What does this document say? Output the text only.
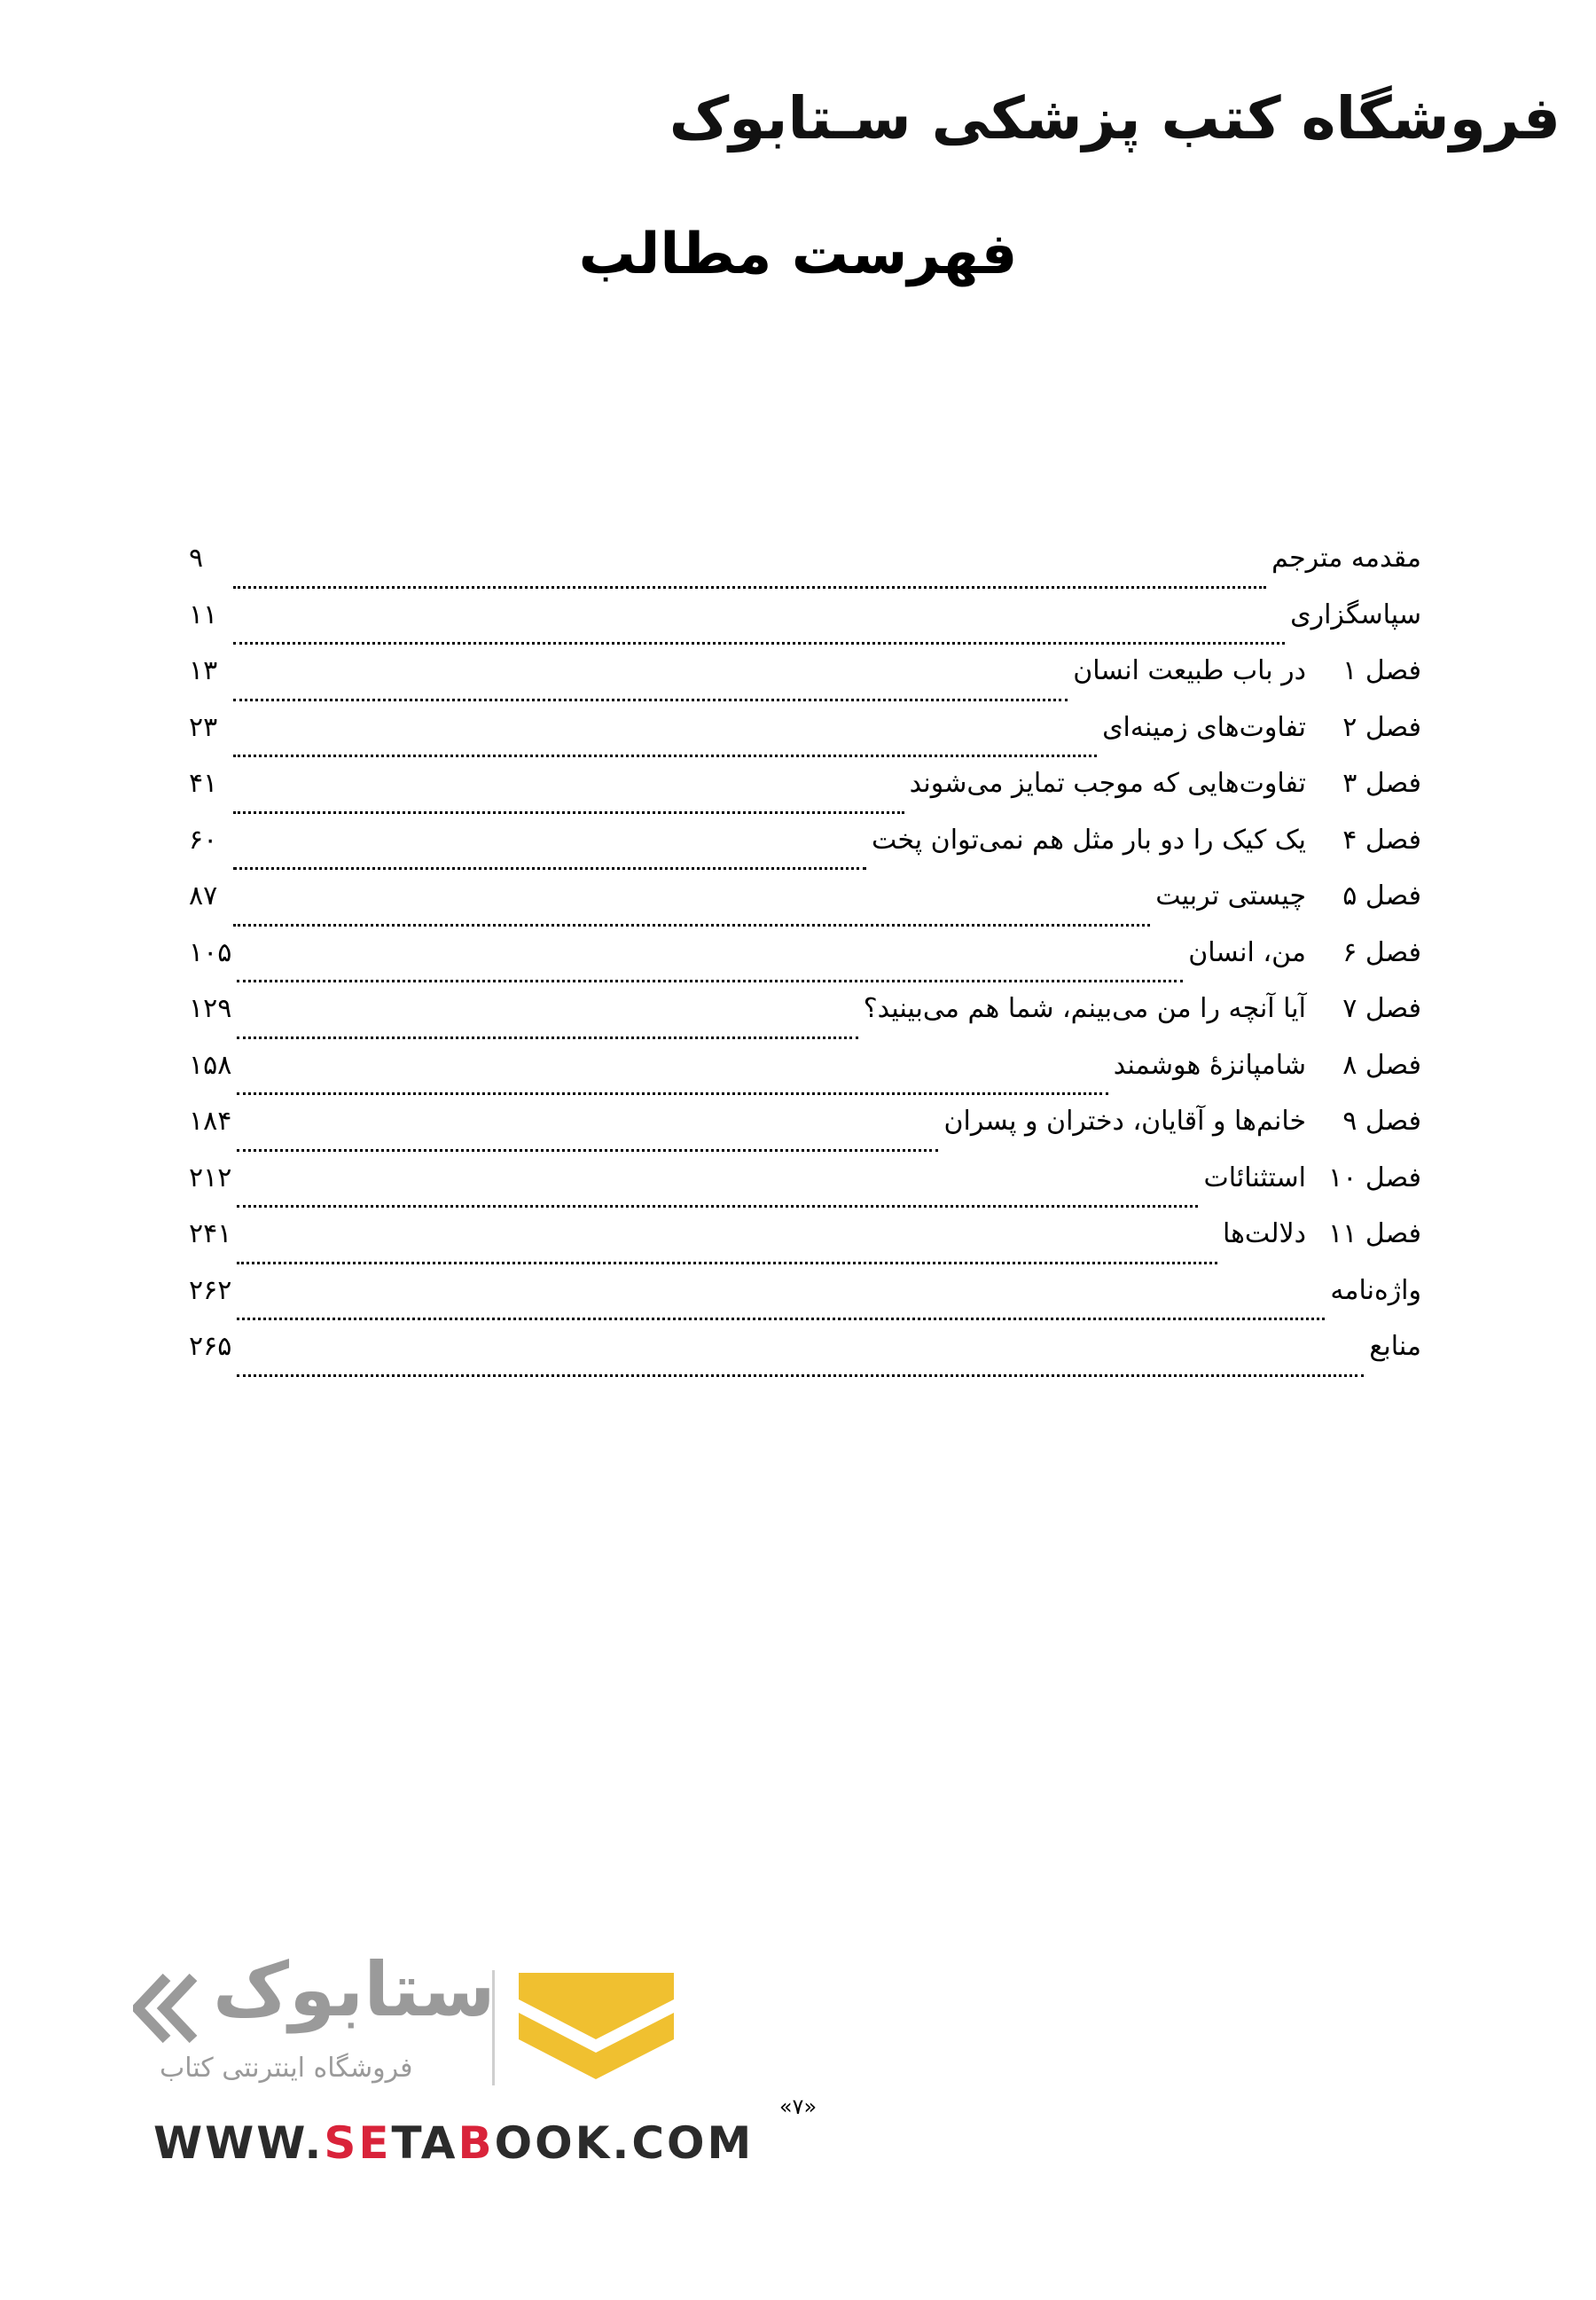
فروشگاه کتب پزشکی سـتابوک
فهرست مطالب
مقدمه مترجم
۹
سپاسگزاری
۱۱
فصل ۱
در باب طبیعت انسان
۱۳
فصل ۲
تفاوت‌های زمینه‌ای
۲۳
فصل ۳
تفاوت‌هایی که موجب تمایز می‌شوند
۴۱
فصل ۴
یک کیک را دو بار مثل هم نمی‌توان پخت
۶۰
فصل ۵
چیستی تربیت
۸۷
فصل ۶
من، انسان
۱۰۵
فصل ۷
آیا آنچه را من می‌بینم، شما هم می‌بینید؟
۱۲۹
فصل ۸
شامپانزهٔ هوشمند
۱۵۸
فصل ۹
خانم‌ها و آقایان، دختران و پسران
۱۸۴
فصل ۱۰
استثنائات
۲۱۲
فصل ۱۱
دلالت‌ها
۲۴۱
واژه‌نامه
۲۶۲
منابع
۲۶۵
«۷»
ستابوک
فروشگاه اینترنتی کتاب
WWW.SETABOOK.COM
